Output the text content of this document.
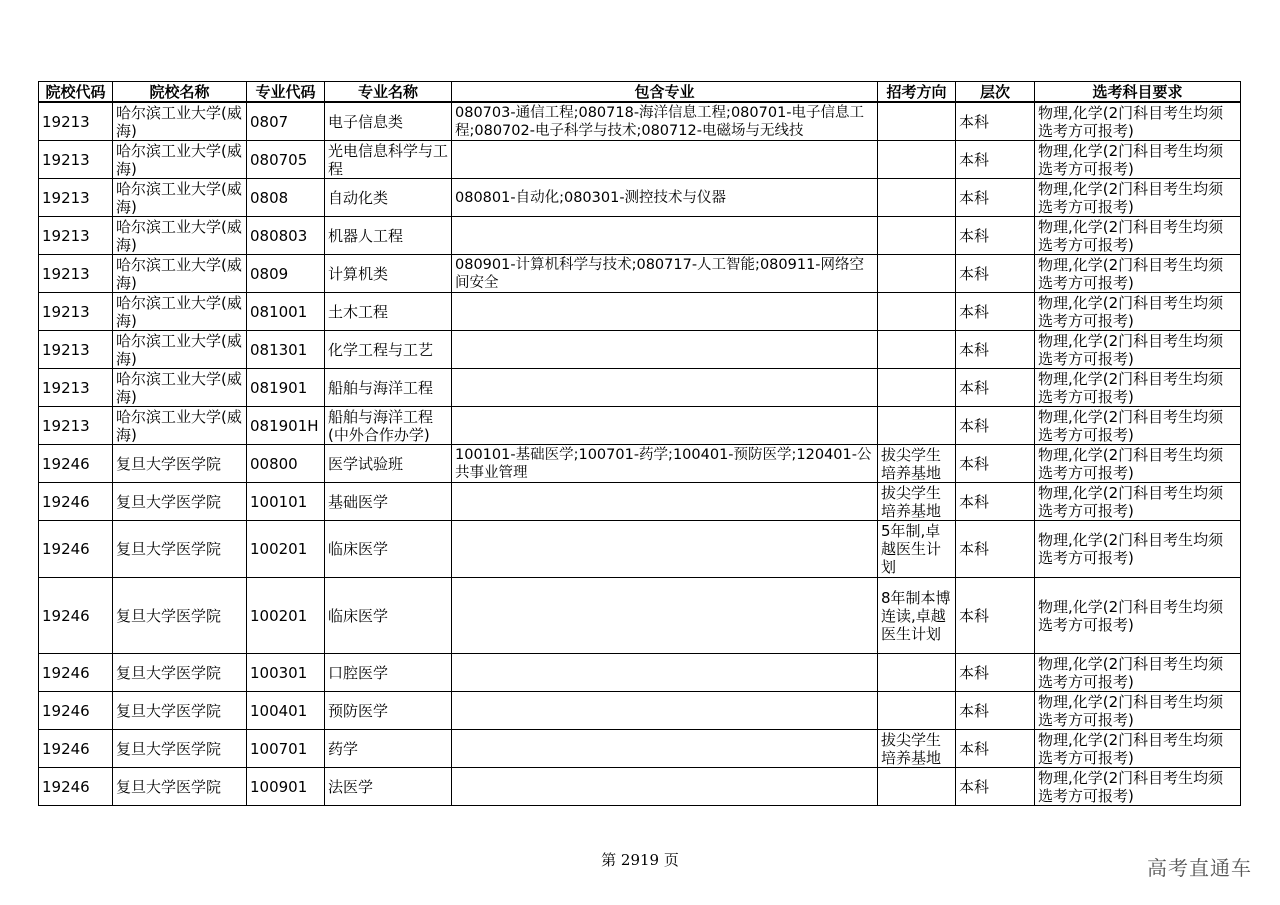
院校代码	院校名称	专业代码	专业名称	包含专业	招考方向	层次	选考科目要求

19213	哈尔滨工业大学(威海)	0807	电子信息类	080703-通信工程;080718-海洋信息工程;080701-电子信息工程;080702-电子科学与技术;080712-电磁场与无线技		本科	物理,化学(2门科目考生均须选考方可报考)

19213	哈尔滨工业大学(威海)	080705	光电信息科学与工程			本科	物理,化学(2门科目考生均须选考方可报考)

19213	哈尔滨工业大学(威海)	0808	自动化类	080801-自动化;080301-测控技术与仪器		本科	物理,化学(2门科目考生均须选考方可报考)

19213	哈尔滨工业大学(威海)	080803	机器人工程			本科	物理,化学(2门科目考生均须选考方可报考)

19213	哈尔滨工业大学(威海)	0809	计算机类	080901-计算机科学与技术;080717-人工智能;080911-网络空间安全		本科	物理,化学(2门科目考生均须选考方可报考)

19213	哈尔滨工业大学(威海)	081001	土木工程			本科	物理,化学(2门科目考生均须选考方可报考)

19213	哈尔滨工业大学(威海)	081301	化学工程与工艺			本科	物理,化学(2门科目考生均须选考方可报考)

19213	哈尔滨工业大学(威海)	081901	船舶与海洋工程			本科	物理,化学(2门科目考生均须选考方可报考)

19213	哈尔滨工业大学(威海)	081901H	船舶与海洋工程(中外合作办学)			本科	物理,化学(2门科目考生均须选考方可报考)

19246	复旦大学医学院	00800	医学试验班	100101-基础医学;100701-药学;100401-预防医学;120401-公共事业管理	拔尖学生培养基地	本科	物理,化学(2门科目考生均须选考方可报考)

19246	复旦大学医学院	100101	基础医学		拔尖学生培养基地	本科	物理,化学(2门科目考生均须选考方可报考)

19246	复旦大学医学院	100201	临床医学		5年制,卓越医生计划	本科	物理,化学(2门科目考生均须选考方可报考)

19246	复旦大学医学院	100201	临床医学		8年制本博连读,卓越医生计划	本科	物理,化学(2门科目考生均须选考方可报考)

19246	复旦大学医学院	100301	口腔医学			本科	物理,化学(2门科目考生均须选考方可报考)

19246	复旦大学医学院	100401	预防医学			本科	物理,化学(2门科目考生均须选考方可报考)

19246	复旦大学医学院	100701	药学		拔尖学生培养基地	本科	物理,化学(2门科目考生均须选考方可报考)

19246	复旦大学医学院	100901	法医学			本科	物理,化学(2门科目考生均须选考方可报考)
第 2919 页	高考直通车
